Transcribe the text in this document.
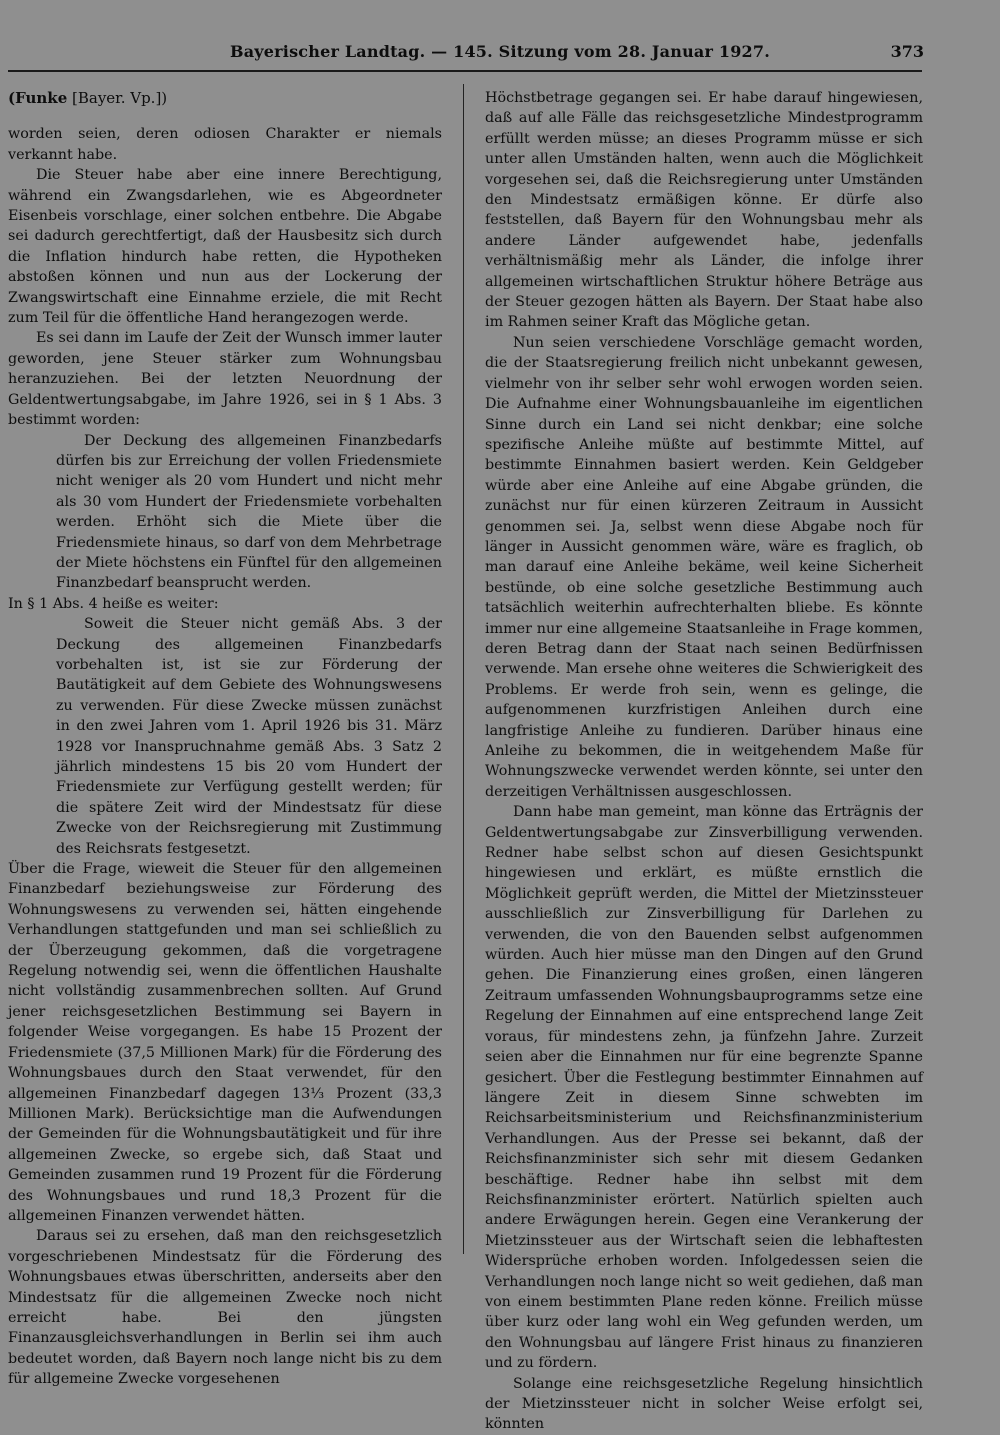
Bayerischer Landtag. — 145. Sitzung vom 28. Januar 1927.	373

(Funke [Bayer. Vp.])

worden seien, deren odiosen Charakter er niemals verkannt habe.

Die Steuer habe aber eine innere Berechtigung, während ein Zwangsdarlehen, wie es Abgeordneter Eisenbeis vorschlage, einer solchen entbehre. Die Abgabe sei dadurch gerechtfertigt, daß der Hausbesitz sich durch die Inflation hindurch habe retten, die Hypotheken abstoßen können und nun aus der Lockerung der Zwangswirtschaft eine Einnahme erziele, die mit Recht zum Teil für die öffentliche Hand herangezogen werde.

Es sei dann im Laufe der Zeit der Wunsch immer lauter geworden, jene Steuer stärker zum Wohnungsbau heranzuziehen. Bei der letzten Neuordnung der Geldentwertungsabgabe, im Jahre 1926, sei in § 1 Abs. 3 bestimmt worden:

Der Deckung des allgemeinen Finanzbedarfs dürfen bis zur Erreichung der vollen Friedensmiete nicht weniger als 20 vom Hundert und nicht mehr als 30 vom Hundert der Friedensmiete vorbehalten werden. Erhöht sich die Miete über die Friedensmiete hinaus, so darf von dem Mehrbetrage der Miete höchstens ein Fünftel für den allgemeinen Finanzbedarf beansprucht werden.

In § 1 Abs. 4 heiße es weiter:

Soweit die Steuer nicht gemäß Abs. 3 der Deckung des allgemeinen Finanzbedarfs vorbehalten ist, ist sie zur Förderung der Bautätigkeit auf dem Gebiete des Wohnungswesens zu verwenden. Für diese Zwecke müssen zunächst in den zwei Jahren vom 1. April 1926 bis 31. März 1928 vor Inanspruchnahme gemäß Abs. 3 Satz 2 jährlich mindestens 15 bis 20 vom Hundert der Friedensmiete zur Verfügung gestellt werden; für die spätere Zeit wird der Mindestsatz für diese Zwecke von der Reichsregierung mit Zustimmung des Reichsrats festgesetzt.

Über die Frage, wieweit die Steuer für den allgemeinen Finanzbedarf beziehungsweise zur Förderung des Wohnungswesens zu verwenden sei, hätten eingehende Verhandlungen stattgefunden und man sei schließlich zu der Überzeugung gekommen, daß die vorgetragene Regelung notwendig sei, wenn die öffentlichen Haushalte nicht vollständig zusammenbrechen sollten. Auf Grund jener reichsgesetzlichen Bestimmung sei Bayern in folgender Weise vorgegangen. Es habe 15 Prozent der Friedensmiete (37,5 Millionen Mark) für die Förderung des Wohnungsbaues durch den Staat verwendet, für den allgemeinen Finanzbedarf dagegen 13⅓ Prozent (33,3 Millionen Mark). Berücksichtige man die Aufwendungen der Gemeinden für die Wohnungsbautätigkeit und für ihre allgemeinen Zwecke, so ergebe sich, daß Staat und Gemeinden zusammen rund 19 Prozent für die Förderung des Wohnungsbaues und rund 18,3 Prozent für die allgemeinen Finanzen verwendet hätten.

Daraus sei zu ersehen, daß man den reichsgesetzlich vorgeschriebenen Mindestsatz für die Förderung des Wohnungsbaues etwas überschritten, anderseits aber den Mindestsatz für die allgemeinen Zwecke noch nicht erreicht habe. Bei den jüngsten Finanzausgleichsverhandlungen in Berlin sei ihm auch bedeutet worden, daß Bayern noch lange nicht bis zu dem für allgemeine Zwecke vorgesehenen

Höchstbetrage gegangen sei. Er habe darauf hingewiesen, daß auf alle Fälle das reichsgesetzliche Mindestprogramm erfüllt werden müsse; an dieses Programm müsse er sich unter allen Umständen halten, wenn auch die Möglichkeit vorgesehen sei, daß die Reichsregierung unter Umständen den Mindestsatz ermäßigen könne. Er dürfe also feststellen, daß Bayern für den Wohnungsbau mehr als andere Länder aufgewendet habe, jedenfalls verhältnismäßig mehr als Länder, die infolge ihrer allgemeinen wirtschaftlichen Struktur höhere Beträge aus der Steuer gezogen hätten als Bayern. Der Staat habe also im Rahmen seiner Kraft das Mögliche getan.

Nun seien verschiedene Vorschläge gemacht worden, die der Staatsregierung freilich nicht unbekannt gewesen, vielmehr von ihr selber sehr wohl erwogen worden seien. Die Aufnahme einer Wohnungsbauanleihe im eigentlichen Sinne durch ein Land sei nicht denkbar; eine solche spezifische Anleihe müßte auf bestimmte Mittel, auf bestimmte Einnahmen basiert werden. Kein Geldgeber würde aber eine Anleihe auf eine Abgabe gründen, die zunächst nur für einen kürzeren Zeitraum in Aussicht genommen sei. Ja, selbst wenn diese Abgabe noch für länger in Aussicht genommen wäre, wäre es fraglich, ob man darauf eine Anleihe bekäme, weil keine Sicherheit bestünde, ob eine solche gesetzliche Bestimmung auch tatsächlich weiterhin aufrechterhalten bliebe. Es könnte immer nur eine allgemeine Staatsanleihe in Frage kommen, deren Betrag dann der Staat nach seinen Bedürfnissen verwende. Man ersehe ohne weiteres die Schwierigkeit des Problems. Er werde froh sein, wenn es gelinge, die aufgenommenen kurzfristigen Anleihen durch eine langfristige Anleihe zu fundieren. Darüber hinaus eine Anleihe zu bekommen, die in weitgehendem Maße für Wohnungszwecke verwendet werden könnte, sei unter den derzeitigen Verhältnissen ausgeschlossen.

Dann habe man gemeint, man könne das Erträgnis der Geldentwertungsabgabe zur Zinsverbilligung verwenden. Redner habe selbst schon auf diesen Gesichtspunkt hingewiesen und erklärt, es müßte ernstlich die Möglichkeit geprüft werden, die Mittel der Mietzinssteuer ausschließlich zur Zinsverbilligung für Darlehen zu verwenden, die von den Bauenden selbst aufgenommen würden. Auch hier müsse man den Dingen auf den Grund gehen. Die Finanzierung eines großen, einen längeren Zeitraum umfassenden Wohnungsbauprogramms setze eine Regelung der Einnahmen auf eine entsprechend lange Zeit voraus, für mindestens zehn, ja fünfzehn Jahre. Zurzeit seien aber die Einnahmen nur für eine begrenzte Spanne gesichert. Über die Festlegung bestimmter Einnahmen auf längere Zeit in diesem Sinne schwebten im Reichsarbeitsministerium und Reichsfinanzministerium Verhandlungen. Aus der Presse sei bekannt, daß der Reichsfinanzminister sich sehr mit diesem Gedanken beschäftige. Redner habe ihn selbst mit dem Reichsfinanzminister erörtert. Natürlich spielten auch andere Erwägungen herein. Gegen eine Verankerung der Mietzinssteuer aus der Wirtschaft seien die lebhaftesten Widersprüche erhoben worden. Infolgedessen seien die Verhandlungen noch lange nicht so weit gediehen, daß man von einem bestimmten Plane reden könne. Freilich müsse über kurz oder lang wohl ein Weg gefunden werden, um den Wohnungsbau auf längere Frist hinaus zu finanzieren und zu fördern.

Solange eine reichsgesetzliche Regelung hinsichtlich der Mietzinssteuer nicht in solcher Weise erfolgt sei, könnten
